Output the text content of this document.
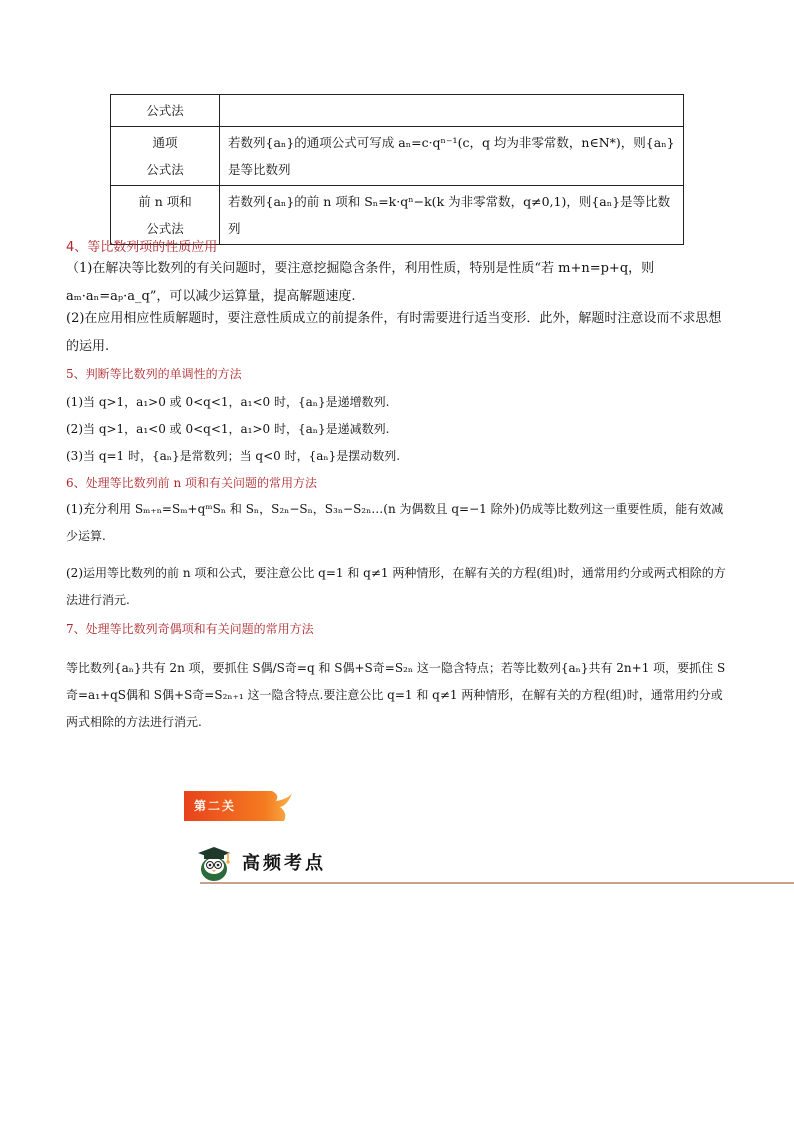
公式法	

通项
公式法	若数列{aₙ}的通项公式可写成 aₙ=c·qⁿ⁻¹(c，q 均为非零常数，n∈N*)，则{aₙ}是等比数列

前 n 项和
公式法	若数列{aₙ}的前 n 项和 Sₙ=k·qⁿ−k(k 为非零常数，q≠0,1)，则{aₙ}是等比数列
4、等比数列项的性质应用
（1)在解决等比数列的有关问题时，要注意挖掘隐含条件，利用性质，特别是性质“若 m+n=p+q，则 aₘ·aₙ=aₚ·a_q”，可以减少运算量，提高解题速度.
(2)在应用相应性质解题时，要注意性质成立的前提条件，有时需要进行适当变形．此外，解题时注意设而不求思想的运用.
5、判断等比数列的单调性的方法
(1)当 q>1，a₁>0 或 0<q<1，a₁<0 时，{aₙ}是递增数列.
(2)当 q>1，a₁<0 或 0<q<1，a₁>0 时，{aₙ}是递减数列.
(3)当 q=1 时，{aₙ}是常数列；当 q<0 时，{aₙ}是摆动数列.
6、处理等比数列前 n 项和有关问题的常用方法
(1)充分利用 Sₘ₊ₙ=Sₘ+qᵐSₙ 和 Sₙ，S₂ₙ−Sₙ，S₃ₙ−S₂ₙ…(n 为偶数且 q=−1 除外)仍成等比数列这一重要性质，能有效减少运算.
(2)运用等比数列的前 n 项和公式，要注意公比 q=1 和 q≠1 两种情形，在解有关的方程(组)时，通常用约分或两式相除的方法进行消元.
7、处理等比数列奇偶项和有关问题的常用方法
等比数列{aₙ}共有 2n 项，要抓住 S偶/S奇=q 和 S偶+S奇=S₂ₙ 这一隐含特点；若等比数列{aₙ}共有 2n+1 项，要抓住 S奇=a₁+qS偶和 S偶+S奇=S₂ₙ₊₁ 这一隐含特点.要注意公比 q=1 和 q≠1 两种情形，在解有关的方程(组)时，通常用约分或两式相除的方法进行消元.
第二关
高频考点
